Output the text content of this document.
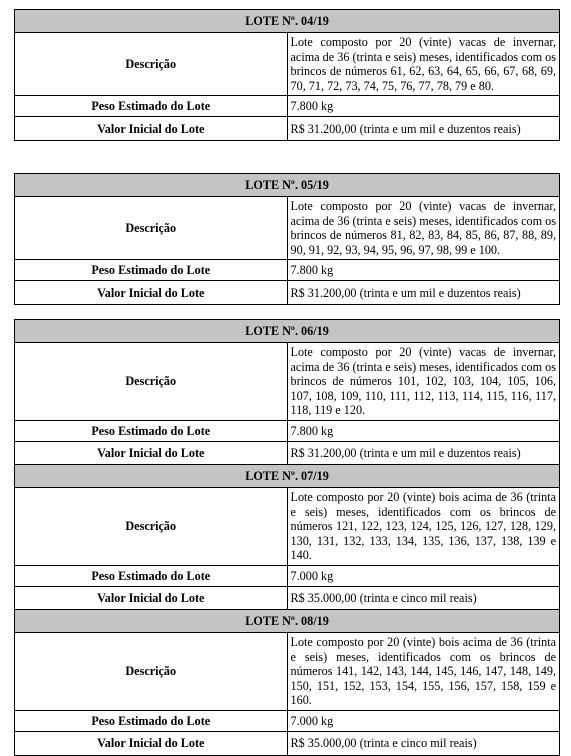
LOTE Nº. 04/19	
Descrição	Lote composto por 20 (vinte) vacas de invernar, acima de 36 (trinta e seis) meses, identificados com os brincos de números 61, 62, 63, 64, 65, 66, 67, 68, 69, 70, 71, 72, 73, 74, 75, 76, 77, 78, 79 e 80.
Peso Estimado do Lote	7.800 kg
Valor Inicial do Lote	R$ 31.200,00 (trinta e um mil e duzentos reais)
LOTE Nº. 05/19	
Descrição	Lote composto por 20 (vinte) vacas de invernar, acima de 36 (trinta e seis) meses, identificados com os brincos de números 81, 82, 83, 84, 85, 86, 87, 88, 89, 90, 91, 92, 93, 94, 95, 96, 97, 98, 99 e 100.
Peso Estimado do Lote	7.800 kg
Valor Inicial do Lote	R$ 31.200,00 (trinta e um mil e duzentos reais)
LOTE Nº. 06/19	
Descrição	Lote composto por 20 (vinte) vacas de invernar, acima de 36 (trinta e seis) meses, identificados com os brincos de números 101, 102, 103, 104, 105, 106, 107, 108, 109, 110, 111, 112, 113, 114, 115, 116, 117, 118, 119 e 120.
Peso Estimado do Lote	7.800 kg
Valor Inicial do Lote	R$ 31.200,00 (trinta e um mil e duzentos reais)
LOTE Nº. 07/19	
Descrição	Lote composto por 20 (vinte) bois acima de 36 (trinta e seis) meses, identificados com os brincos de números 121, 122, 123, 124, 125, 126, 127, 128, 129, 130, 131, 132, 133, 134, 135, 136, 137, 138, 139 e 140.
Peso Estimado do Lote	7.000 kg
Valor Inicial do Lote	R$ 35.000,00 (trinta e cinco mil reais)
LOTE Nº. 08/19	
Descrição	Lote composto por 20 (vinte) bois acima de 36 (trinta e seis) meses, identificados com os brincos de números 141, 142, 143, 144, 145, 146, 147, 148, 149, 150, 151, 152, 153, 154, 155, 156, 157, 158, 159 e 160.
Peso Estimado do Lote	7.000 kg
Valor Inicial do Lote	R$ 35.000,00 (trinta e cinco mil reais)
